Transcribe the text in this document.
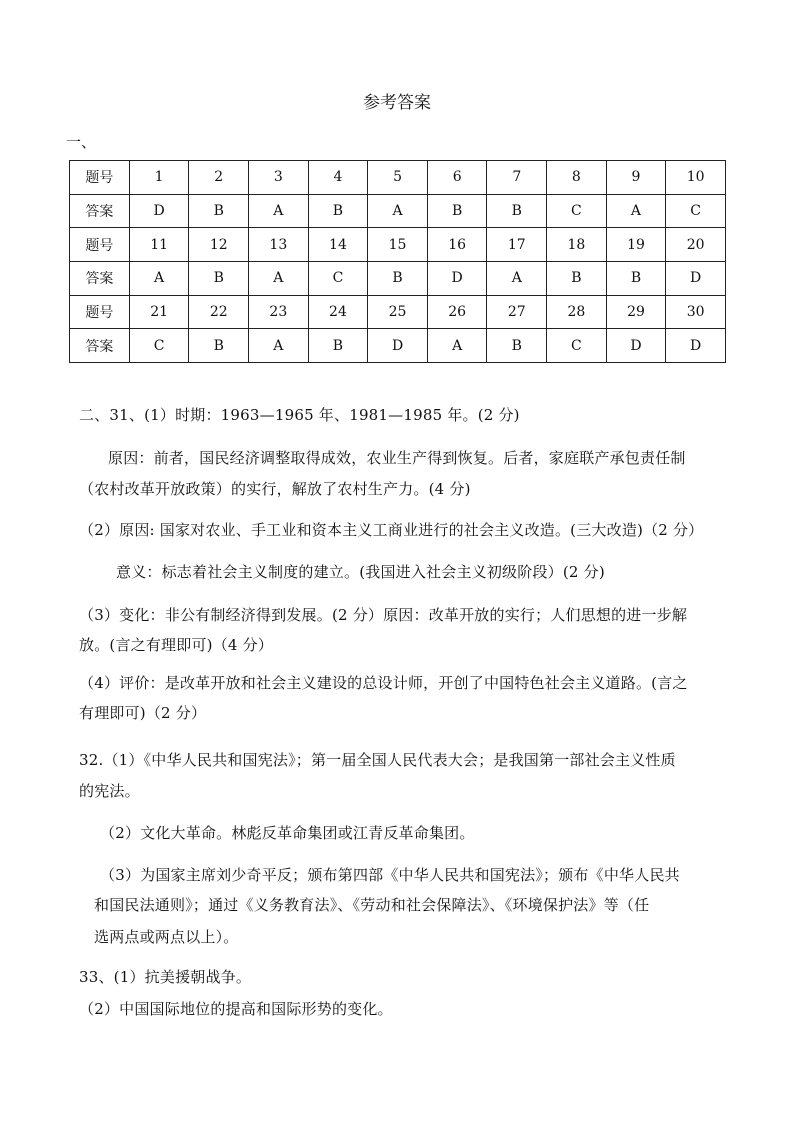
参考答案
一、
题号	1	2	3	4	5	6	7	8	9	10
答案	D	B	A	B	A	B	B	C	A	C
题号	11	12	13	14	15	16	17	18	19	20
答案	A	B	A	C	B	D	A	B	B	D
题号	21	22	23	24	25	26	27	28	29	30
答案	C	B	A	B	D	A	B	C	D	D
二、31、(1）时期：1963—1965 年、1981—1985 年。(2 分)
原因：前者，国民经济调整取得成效，农业生产得到恢复。后者，家庭联产承包责任制
（农村改革开放政策）的实行，解放了农村生产力。(4 分)
（2）原因: 国家对农业、手工业和资本主义工商业进行的社会主义改造。(三大改造)（2 分）
意义：标志着社会主义制度的建立。(我国进入社会主义初级阶段）(2 分)
（3）变化：非公有制经济得到发展。(2 分）原因：改革开放的实行；人们思想的进一步解
放。(言之有理即可)（4 分）
（4）评价：是改革开放和社会主义建设的总设计师，开创了中国特色社会主义道路。(言之
有理即可)（2 分）
32.（1）《中华人民共和国宪法》；第一届全国人民代表大会；是我国第一部社会主义性质
的宪法。
（2）文化大革命。林彪反革命集团或江青反革命集团。
（3）为国家主席刘少奇平反；颁布第四部《中华人民共和国宪法》；颁布《中华人民共
和国民法通则》；通过《义务教育法》、《劳动和社会保障法》、《环境保护法》等（任
选两点或两点以上）。
33、(1）抗美援朝战争。
（2）中国国际地位的提高和国际形势的变化。
